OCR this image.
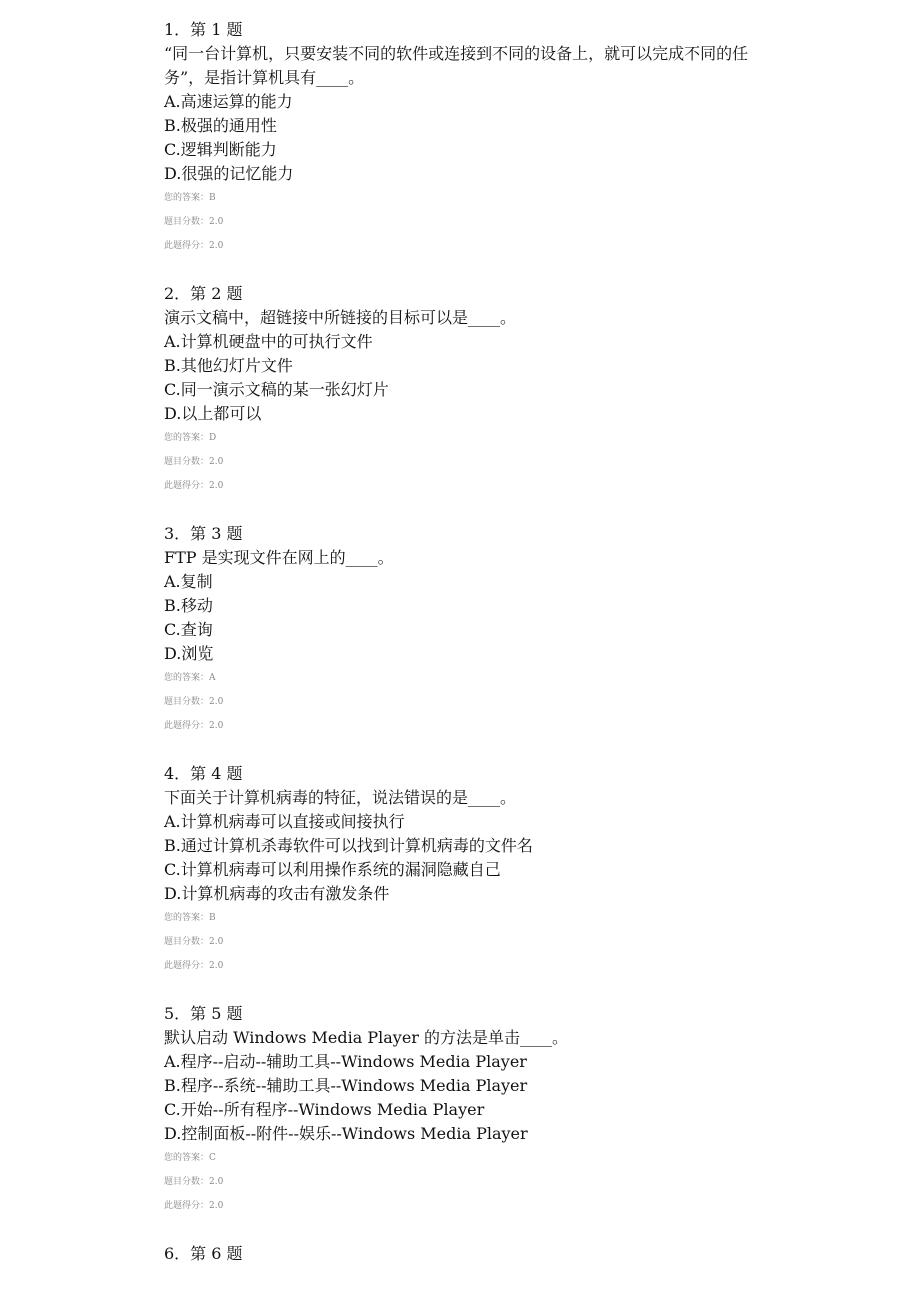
1．第 1 题

“同一台计算机，只要安装不同的软件或连接到不同的设备上，就可以完成不同的任务”，是指计算机具有____。

A.高速运算的能力

B.极强的通用性

C.逻辑判断能力

D.很强的记忆能力

您的答案：B

题目分数：2.0

此题得分：2.0

2．第 2 题

演示文稿中，超链接中所链接的目标可以是____。

A.计算机硬盘中的可执行文件

B.其他幻灯片文件

C.同一演示文稿的某一张幻灯片

D.以上都可以

您的答案：D

题目分数：2.0

此题得分：2.0

3．第 3 题

FTP 是实现文件在网上的____。

A.复制

B.移动

C.查询

D.浏览

您的答案：A

题目分数：2.0

此题得分：2.0

4．第 4 题

下面关于计算机病毒的特征，说法错误的是____。

A.计算机病毒可以直接或间接执行

B.通过计算机杀毒软件可以找到计算机病毒的文件名

C.计算机病毒可以利用操作系统的漏洞隐藏自己

D.计算机病毒的攻击有激发条件

您的答案：B

题目分数：2.0

此题得分：2.0

5．第 5 题

默认启动 Windows Media Player 的方法是单击____。

A.程序--启动--辅助工具--Windows Media Player

B.程序--系统--辅助工具--Windows Media Player

C.开始--所有程序--Windows Media Player

D.控制面板--附件--娱乐--Windows Media Player

您的答案：C

题目分数：2.0

此题得分：2.0

6．第 6 题
